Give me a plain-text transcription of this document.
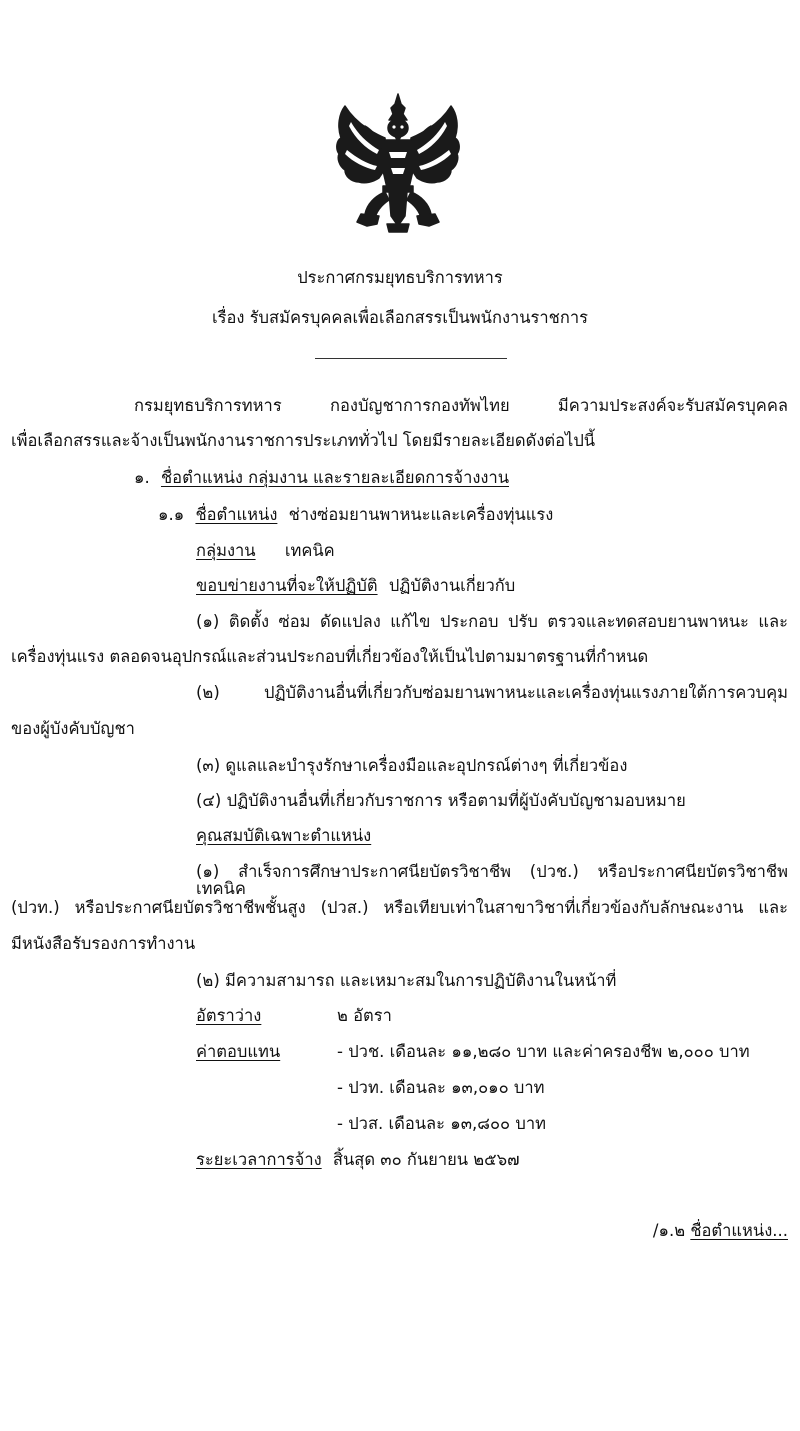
ประกาศกรมยุทธบริการทหาร
เรื่อง รับสมัครบุคคลเพื่อเลือกสรรเป็นพนักงานราชการ
กรมยุทธบริการทหาร กองบัญชาการกองทัพไทย มีความประสงค์จะรับสมัครบุคคล
เพื่อเลือกสรรและจ้างเป็นพนักงานราชการประเภททั่วไป โดยมีรายละเอียดดังต่อไปนี้
๑. ชื่อตำแหน่ง กลุ่มงาน และรายละเอียดการจ้างงาน
๑.๑ ชื่อตำแหน่ง ช่างซ่อมยานพาหนะและเครื่องทุ่นแรง
กลุ่มงาน เทคนิค
ขอบข่ายงานที่จะให้ปฏิบัติ ปฏิบัติงานเกี่ยวกับ
(๑) ติดตั้ง ซ่อม ดัดแปลง แก้ไข ประกอบ ปรับ ตรวจและทดสอบยานพาหนะ และ
เครื่องทุ่นแรง ตลอดจนอุปกรณ์และส่วนประกอบที่เกี่ยวข้องให้เป็นไปตามมาตรฐานที่กำหนด
(๒) ปฏิบัติงานอื่นที่เกี่ยวกับซ่อมยานพาหนะและเครื่องทุ่นแรงภายใต้การควบคุม
ของผู้บังคับบัญชา
(๓) ดูแลและบำรุงรักษาเครื่องมือและอุปกรณ์ต่างๆ ที่เกี่ยวข้อง
(๔) ปฏิบัติงานอื่นที่เกี่ยวกับราชการ หรือตามที่ผู้บังคับบัญชามอบหมาย
คุณสมบัติเฉพาะตำแหน่ง
(๑) สำเร็จการศึกษาประกาศนียบัตรวิชาชีพ (ปวช.) หรือประกาศนียบัตรวิชาชีพเทคนิค
(ปวท.) หรือประกาศนียบัตรวิชาชีพชั้นสูง (ปวส.) หรือเทียบเท่าในสาขาวิชาที่เกี่ยวข้องกับลักษณะงาน และ
มีหนังสือรับรองการทำงาน
(๒) มีความสามารถ และเหมาะสมในการปฏิบัติงานในหน้าที่
อัตราว่าง	๒ อัตรา
ค่าตอบแทน	- ปวช. เดือนละ ๑๑,๒๘๐ บาท และค่าครองชีพ ๒,๐๐๐ บาท
- ปวท. เดือนละ ๑๓,๐๑๐ บาท
- ปวส. เดือนละ ๑๓,๘๐๐ บาท
ระยะเวลาการจ้าง สิ้นสุด ๓๐ กันยายน ๒๕๖๗
/๑.๒ ชื่อตำแหน่ง...
